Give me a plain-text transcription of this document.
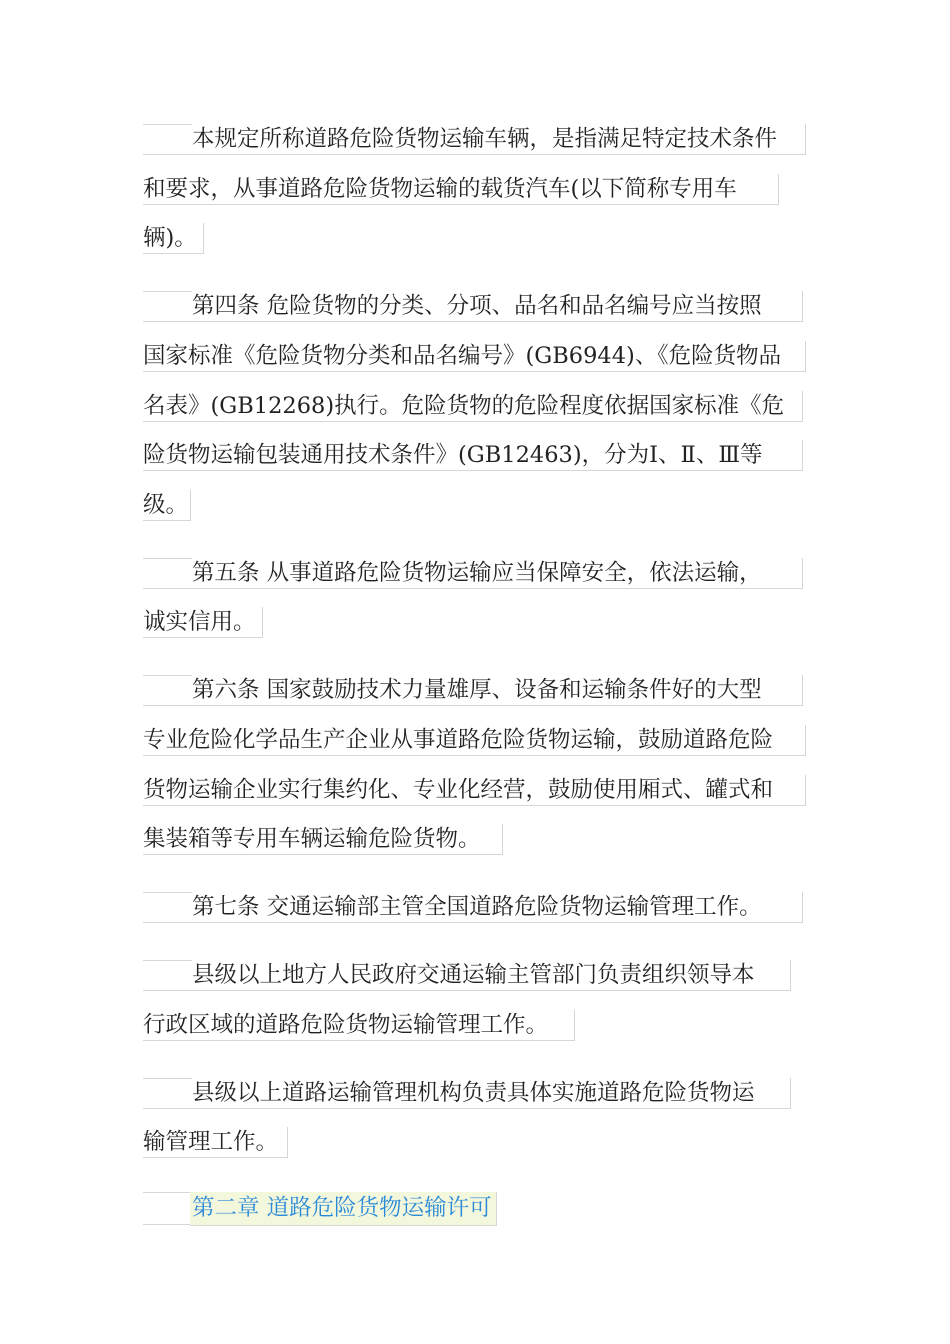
本规定所称道路危险货物运输车辆，是指满足特定技术条件
和要求，从事道路危险货物运输的载货汽车(以下简称专用车
辆)。
第四条 危险货物的分类、分项、品名和品名编号应当按照
国家标准《危险货物分类和品名编号》(GB6944)、《危险货物品
名表》(GB12268)执行。危险货物的危险程度依据国家标准《危
险货物运输包装通用技术条件》(GB12463)，分为Ⅰ、Ⅱ、Ⅲ等
级。
第五条 从事道路危险货物运输应当保障安全，依法运输，
诚实信用。
第六条 国家鼓励技术力量雄厚、设备和运输条件好的大型
专业危险化学品生产企业从事道路危险货物运输，鼓励道路危险
货物运输企业实行集约化、专业化经营，鼓励使用厢式、罐式和
集装箱等专用车辆运输危险货物。
第七条 交通运输部主管全国道路危险货物运输管理工作。
县级以上地方人民政府交通运输主管部门负责组织领导本
行政区域的道路危险货物运输管理工作。
县级以上道路运输管理机构负责具体实施道路危险货物运
输管理工作。
第二章 道路危险货物运输许可
